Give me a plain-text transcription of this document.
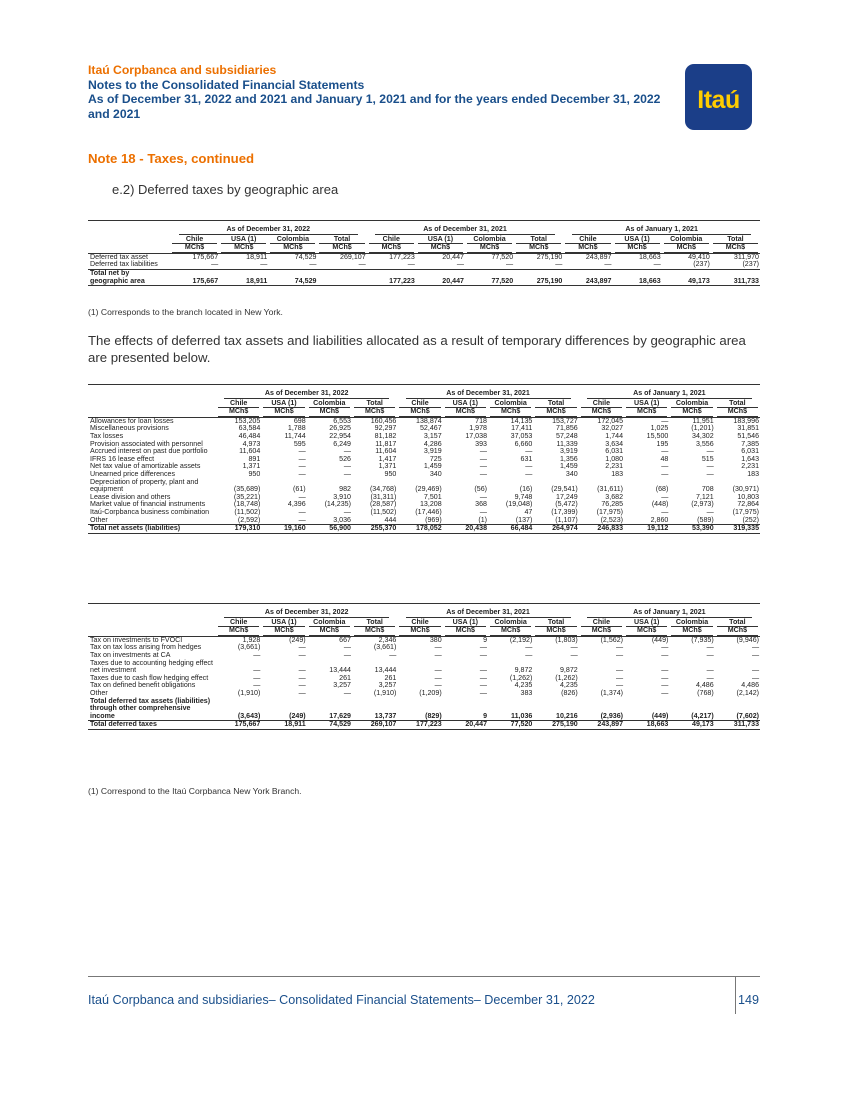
Itaú Corpbanca and subsidiaries
Notes to the Consolidated Financial Statements
As of December 31, 2022 and 2021 and January 1, 2021 and for the years ended December 31, 2022
and 2021	Itaú
Note 18 - Taxes, continued
e.2) Deferred taxes by geographic area
	As of December 31, 2022				As of December 31, 2021				As of January 1, 2021			

	Chile	USA (1)	Colombia	Total	Chile	USA (1)	Colombia	Total	Chile	USA (1)	Colombia	Total

	MCh$	MCh$	MCh$	MCh$	MCh$	MCh$	MCh$	MCh$	MCh$	MCh$	MCh$	MCh$

Deferred tax asset	175,667	18,911	74,529	269,107	177,223	20,447	77,520	275,190	243,897	18,663	49,410	311,970
Deferred tax liabilities	—	—	—	—	—	—	—	—	—	—	(237)	(237)
Total net by geographic area	175,667	18,911	74,529		177,223	20,447	77,520	275,190	243,897	18,663	49,173	311,733
(1) Corresponds to the branch located in New York.
The effects of deferred tax assets and liabilities allocated as a result of temporary differences by geographic area are presented below.
	As of December 31, 2022				As of December 31, 2021				As of January 1, 2021			

	Chile	USA (1)	Colombia	Total	Chile	USA (1)	Colombia	Total	Chile	USA (1)	Colombia	Total

	MCh$	MCh$	MCh$	MCh$	MCh$	MCh$	MCh$	MCh$	MCh$	MCh$	MCh$	MCh$

Allowances for loan losses	153,205	698	6,553	160,456	138,874	718	14,135	153,727	172,045	—	11,951	183,996
Miscellaneous provisions	63,584	1,788	26,925	92,297	52,467	1,978	17,411	71,856	32,027	1,025	(1,201)	31,851
Tax losses	46,484	11,744	22,954	81,182	3,157	17,038	37,053	57,248	1,744	15,500	34,302	51,546
Provision associated with personnel	4,973	595	6,249	11,817	4,286	393	6,660	11,339	3,634	195	3,556	7,385
Accrued interest on past due portfolio	11,604	—	—	11,604	3,919	—	—	3,919	6,031	—	—	6,031
IFRS 16 lease effect	891	—	526	1,417	725	—	631	1,356	1,080	48	515	1,643
Net tax value of amortizable assets	1,371	—	—	1,371	1,459	—	—	1,459	2,231	—	—	2,231
Unearned price differences	950	—	—	950	340	—	—	340	183	—	—	183
Depreciation of property, plant and equipment	(35,689)	(61)	982	(34,768)	(29,469)	(56)	(16)	(29,541)	(31,611)	(68)	708	(30,971)
Lease division and others	(35,221)	—	3,910	(31,311)	7,501	—	9,748	17,249	3,682	—	7,121	10,803
Market value of financial instruments	(18,748)	4,396	(14,235)	(28,587)	13,208	368	(19,048)	(5,472)	76,285	(448)	(2,973)	72,864
Itaú-Corpbanca business combination	(11,502)	—	—	(11,502)	(17,446)	—	47	(17,399)	(17,975)	—	—	(17,975)
Other	(2,592)	—	3,036	444	(969)	(1)	(137)	(1,107)	(2,523)	2,860	(589)	(252)
Total net assets (liabilities)	179,310	19,160	56,900	255,370	178,052	20,438	66,484	264,974	246,833	19,112	53,390	319,335
	As of December 31, 2022				As of December 31, 2021				As of January 1, 2021			

	Chile	USA (1)	Colombia	Total	Chile	USA (1)	Colombia	Total	Chile	USA (1)	Colombia	Total

	MCh$	MCh$	MCh$	MCh$	MCh$	MCh$	MCh$	MCh$	MCh$	MCh$	MCh$	MCh$

Tax on investments to FVOCI	1,928	(249)	667	2,346	380	9	(2,192)	(1,803)	(1,562)	(449)	(7,935)	(9,946)
Tax on tax loss arising from hedges	(3,661)	—	—	(3,661)	—	—	—	—	—	—	—	—
Tax on investments at CA	—	—	—	—	—	—	—	—	—	—	—	—
Taxes due to accounting hedging effect net investment	—	—	13,444	13,444	—	—	9,872	9,872	—	—	—	—
Taxes due to cash flow hedging effect	—	—	261	261	—	—	(1,262)	(1,262)	—	—	—	—
Tax on defined benefit obligations	—	—	3,257	3,257	—	—	4,235	4,235	—	—	4,486	4,486
Other	(1,910)	—	—	(1,910)	(1,209)	—	383	(826)	(1,374)	—	(768)	(2,142)
Total deferred tax assets (liabilities) through other comprehensive income	(3,643)	(249)	17,629	13,737	(829)	9	11,036	10,216	(2,936)	(449)	(4,217)	(7,602)
Total deferred taxes	175,667	18,911	74,529	269,107	177,223	20,447	77,520	275,190	243,897	18,663	49,173	311,733
(1) Correspond to the Itaú Corpbanca New York Branch.
Itaú Corpbanca and subsidiaries– Consolidated Financial Statements– December 31, 2022	149
